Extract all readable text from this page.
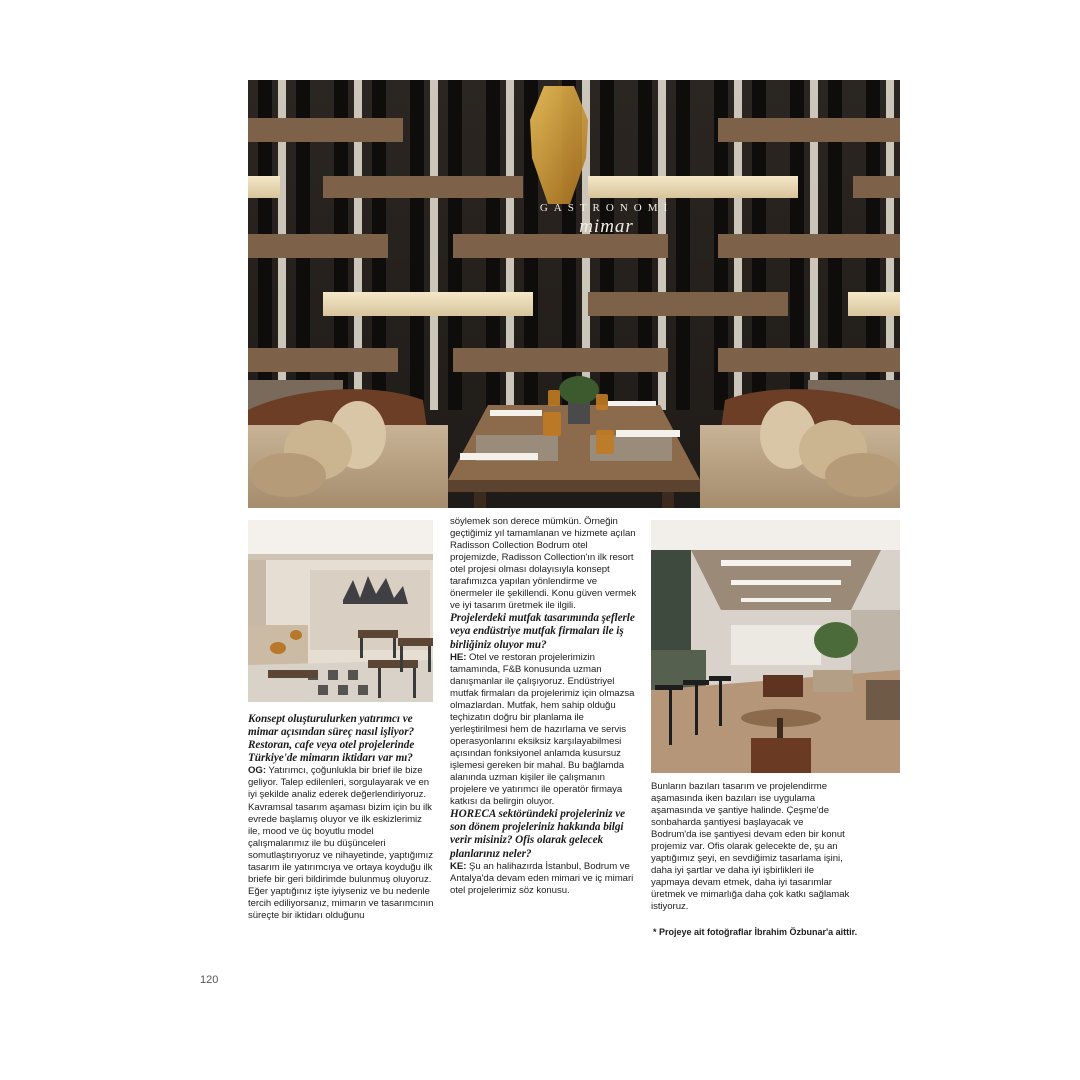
GASTRONOMİ
mimar

Konsept oluşturulurken yatırımcı ve mimar açısından süreç nasıl işliyor? Restoran, cafe veya otel projelerinde Türkiye'de mimarın iktidarı var mı?

OG: Yatırımcı, çoğunlukla bir brief ile bize geliyor. Talep edilenleri, sorgulayarak ve en iyi şekilde analiz ederek değerlendiriyoruz. Kavramsal tasarım aşaması bizim için bu ilk evrede başlamış oluyor ve ilk eskizlerimiz ile, mood ve üç boyutlu model çalışmalarımız ile bu düşünceleri somutlaştırıyoruz ve nihayetinde, yaptığımız tasarım ile yatırımcıya ve ortaya koyduğu ilk briefe bir geri bildirimde bulunmuş oluyoruz. Eğer yaptığınız işte iyiyseniz ve bu nedenle tercih ediliyorsanız, mimarın ve tasarımcının süreçte bir iktidarı olduğunu

söylemek son derece mümkün. Örneğin geçtiğimiz yıl tamamlanan ve hizmete açılan Radisson Collection Bodrum otel projemizde, Radisson Collection'ın ilk resort otel projesi olması dolayısıyla konsept tarafımızca yapılan yönlendirme ve önermeler ile şekillendi. Konu güven vermek ve iyi tasarım üretmek ile ilgili.

Projelerdeki mutfak tasarımında şeflerle veya endüstriye mutfak firmaları ile iş birliğiniz oluyor mu?

HE: Otel ve restoran projelerimizin tamamında, F&B konusunda uzman danışmanlar ile çalışıyoruz. Endüstriyel mutfak firmaları da projelerimiz için olmazsa olmazlardan. Mutfak, hem sahip olduğu teçhizatın doğru bir planlama ile yerleştirilmesi hem de hazırlama ve servis operasyonlarını eksiksiz karşılayabilmesi açısından fonksiyonel anlamda kusursuz işlemesi gereken bir mahal. Bu bağlamda alanında uzman kişiler ile çalışmanın projelere ve yatırımcı ile operatör firmaya katkısı da belirgin oluyor.

HORECA sektöründeki projeleriniz ve son dönem projeleriniz hakkında bilgi verir misiniz? Ofis olarak gelecek planlarınız neler?

KE: Şu an halihazırda İstanbul, Bodrum ve Antalya'da devam eden mimari ve iç mimari otel projelerimiz söz konusu.

Bunların bazıları tasarım ve projelendirme aşamasında iken bazıları ise uygulama aşamasında ve şantiye halinde. Çeşme'de sonbaharda şantiyesi başlayacak ve Bodrum'da ise şantiyesi devam eden bir konut projemiz var. Ofis olarak gelecekte de, şu an yaptığımız şeyi, en sevdiğimiz tasarlama işini, daha iyi şartlar ve daha iyi işbirlikleri ile yapmaya devam etmek, daha iyi tasarımlar üretmek ve mimarlığa daha çok katkı sağlamak istiyoruz.

* Projeye ait fotoğraflar İbrahim Özbunar'a aittir.
120
